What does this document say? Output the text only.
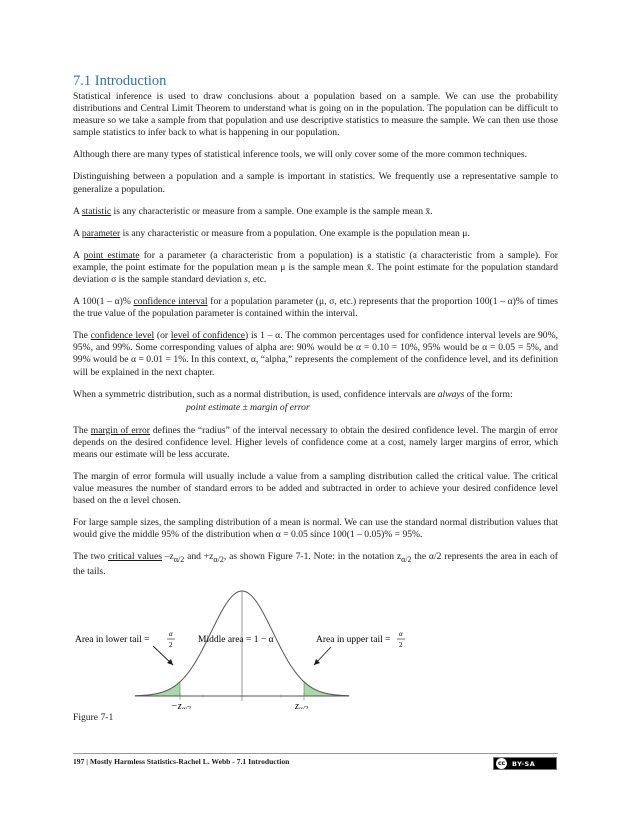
7.1 Introduction

Statistical inference is used to draw conclusions about a population based on a sample. We can use the probability distributions and Central Limit Theorem to understand what is going on in the population. The population can be difficult to measure so we take a sample from that population and use descriptive statistics to measure the sample. We can then use those sample statistics to infer back to what is happening in our population.

Although there are many types of statistical inference tools, we will only cover some of the more common techniques.

Distinguishing between a population and a sample is important in statistics. We frequently use a representative sample to generalize a population.

A statistic is any characteristic or measure from a sample. One example is the sample mean x̄.

A parameter is any characteristic or measure from a population. One example is the population mean μ.

A point estimate for a parameter (a characteristic from a population) is a statistic (a characteristic from a sample). For example, the point estimate for the population mean μ is the sample mean x̄. The point estimate for the population standard deviation σ is the sample standard deviation s, etc.

A 100(1 – α)% confidence interval for a population parameter (μ, σ, etc.) represents that the proportion 100(1 – α)% of times the true value of the population parameter is contained within the interval.

The confidence level (or level of confidence) is 1 – α. The common percentages used for confidence interval levels are 90%, 95%, and 99%. Some corresponding values of alpha are: 90% would be α = 0.10 = 10%, 95% would be α = 0.05 = 5%, and 99% would be α = 0.01 = 1%. In this context, α, “alpha,” represents the complement of the confidence level, and its definition will be explained in the next chapter.

When a symmetric distribution, such as a normal distribution, is used, confidence intervals are always of the form:

point estimate ± margin of error

The margin of error defines the “radius” of the interval necessary to obtain the desired confidence level. The margin of error depends on the desired confidence level. Higher levels of confidence come at a cost, namely larger margins of error, which means our estimate will be less accurate.

The margin of error formula will usually include a value from a sampling distribution called the critical value. The critical value measures the number of standard errors to be added and subtracted in order to achieve your desired confidence level based on the α level chosen.

For large sample sizes, the sampling distribution of a mean is normal. We can use the standard normal distribution values that would give the middle 95% of the distribution when α = 0.05 since 100(1 – 0.05)% = 95%.

The two critical values $-z_{\alpha/2}$ and $+z_{\alpha/2}$, as shown Figure 7-1. Note: in the notation $z_{\alpha/2}$ the α/2 represents the area in each of the tails.

Area in lower tail =
α
2	Middle area = 1 − α	Area in upper tail =
α
2
$-z_{\alpha/2}$	$z_{\alpha/2}$
Figure 7-1
197 | Mostly Harmless Statistics-Rachel L. Webb - 7.1 Introduction	cc BY-SA
